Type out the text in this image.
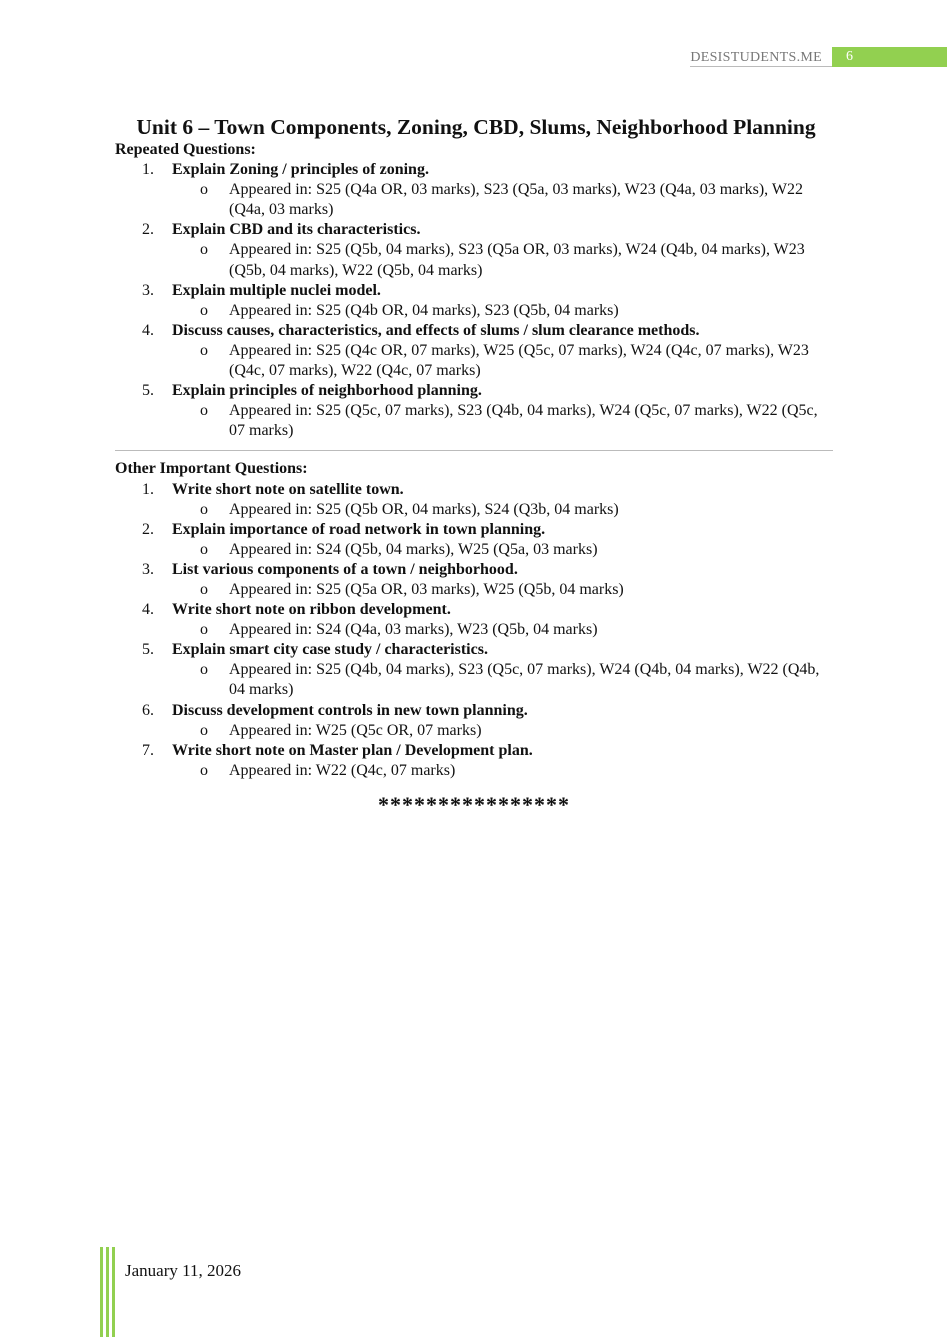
DESISTUDENTS.ME	6
Unit 6 – Town Components, Zoning, CBD, Slums, Neighborhood Planning
Repeated Questions:
1. Explain Zoning / principles of zoning.
o Appeared in: S25 (Q4a OR, 03 marks), S23 (Q5a, 03 marks), W23 (Q4a, 03 marks), W22 (Q4a, 03 marks)
2. Explain CBD and its characteristics.
o Appeared in: S25 (Q5b, 04 marks), S23 (Q5a OR, 03 marks), W24 (Q4b, 04 marks), W23 (Q5b, 04 marks), W22 (Q5b, 04 marks)
3. Explain multiple nuclei model.
o Appeared in: S25 (Q4b OR, 04 marks), S23 (Q5b, 04 marks)
4. Discuss causes, characteristics, and effects of slums / slum clearance methods.
o Appeared in: S25 (Q4c OR, 07 marks), W25 (Q5c, 07 marks), W24 (Q4c, 07 marks), W23 (Q4c, 07 marks), W22 (Q4c, 07 marks)
5. Explain principles of neighborhood planning.
o Appeared in: S25 (Q5c, 07 marks), S23 (Q4b, 04 marks), W24 (Q5c, 07 marks), W22 (Q5c, 07 marks)
Other Important Questions:
1. Write short note on satellite town.
o Appeared in: S25 (Q5b OR, 04 marks), S24 (Q3b, 04 marks)
2. Explain importance of road network in town planning.
o Appeared in: S24 (Q5b, 04 marks), W25 (Q5a, 03 marks)
3. List various components of a town / neighborhood.
o Appeared in: S25 (Q5a OR, 03 marks), W25 (Q5b, 04 marks)
4. Write short note on ribbon development.
o Appeared in: S24 (Q4a, 03 marks), W23 (Q5b, 04 marks)
5. Explain smart city case study / characteristics.
o Appeared in: S25 (Q4b, 04 marks), S23 (Q5c, 07 marks), W24 (Q4b, 04 marks), W22 (Q4b, 04 marks)
6. Discuss development controls in new town planning.
o Appeared in: W25 (Q5c OR, 07 marks)
7. Write short note on Master plan / Development plan.
o Appeared in: W22 (Q4c, 07 marks)
****************
January 11, 2026
